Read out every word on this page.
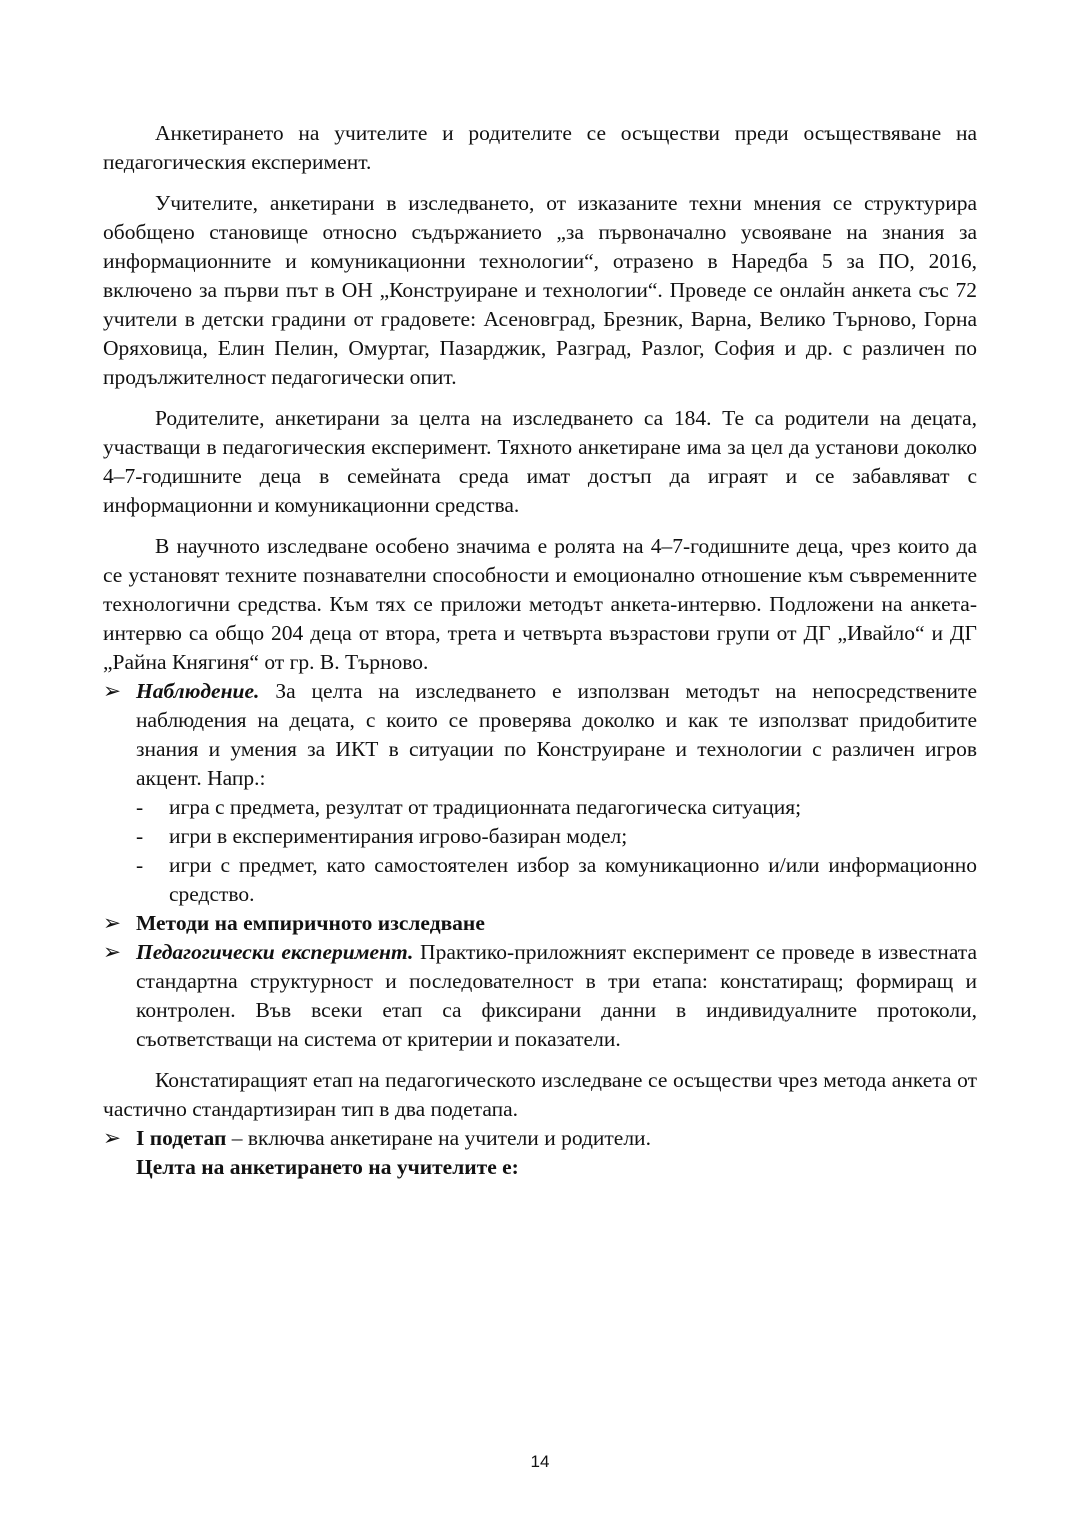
Анкетирането на учителите и родителите се осъществи преди осъществяване на педагогическия експеримент.

Учителите, анкетирани в изследването, от изказаните техни мнения се структурира обобщено становище относно съдържанието „за първоначално усвояване на знания за информационните и комуникационни технологии“, отразено в Наредба 5 за ПО, 2016, включено за първи път в ОН „Конструиране и технологии“. Проведе се онлайн анкета със 72 учители в детски градини от градовете: Асеновград, Брезник, Варна, Велико Търново, Горна Оряховица, Елин Пелин, Омуртаг, Пазарджик, Разград, Разлог, София и др. с различен по продължителност педагогически опит.

Родителите, анкетирани за целта на изследването са 184. Те са родители на децата, участващи в педагогическия експеримент. Тяхното анкетиране има за цел да установи доколко 4–7-годишните деца в семейната среда имат достъп да играят и се забавляват с информационни и комуникационни средства.

В научното изследване особено значима е ролята на 4–7-годишните деца, чрез които да се установят техните познавателни способности и емоционално отношение към съвременните технологични средства. Към тях се приложи методът анкета-интервю. Подложени на анкета-интервю са общо 204 деца от втора, трета и четвърта възрастови групи от ДГ „Ивайло“ и ДГ „Райна Княгиня“ от гр. В. Търново.

➢ Наблюдение. За целта на изследването е използван методът на непосредствените наблюдения на децата, с които се проверява доколко и как те използват придобитите знания и умения за ИКТ в ситуации по Конструиране и технологии с различен игров акцент. Напр.:

- игра с предмета, резултат от традиционната педагогическа ситуация;

- игри в експериментирания игрово-базиран модел;

- игри с предмет, като самостоятелен избор за комуникационно и/или информационно средство.

➢ Методи на емпиричното изследване

➢ Педагогически експеримент. Практико-приложният експеримент се проведе в известната стандартна структурност и последователност в три етапа: констатиращ; формиращ и контролен. Във всеки етап са фиксирани данни в индивидуалните протоколи, съответстващи на система от критерии и показатели.

Констатиращият етап на педагогическото изследване се осъществи чрез метода анкета от частично стандартизиран тип в два подетапа.

➢ I подетап – включва анкетиране на учители и родители.

Целта на анкетирането на учителите е:

14
